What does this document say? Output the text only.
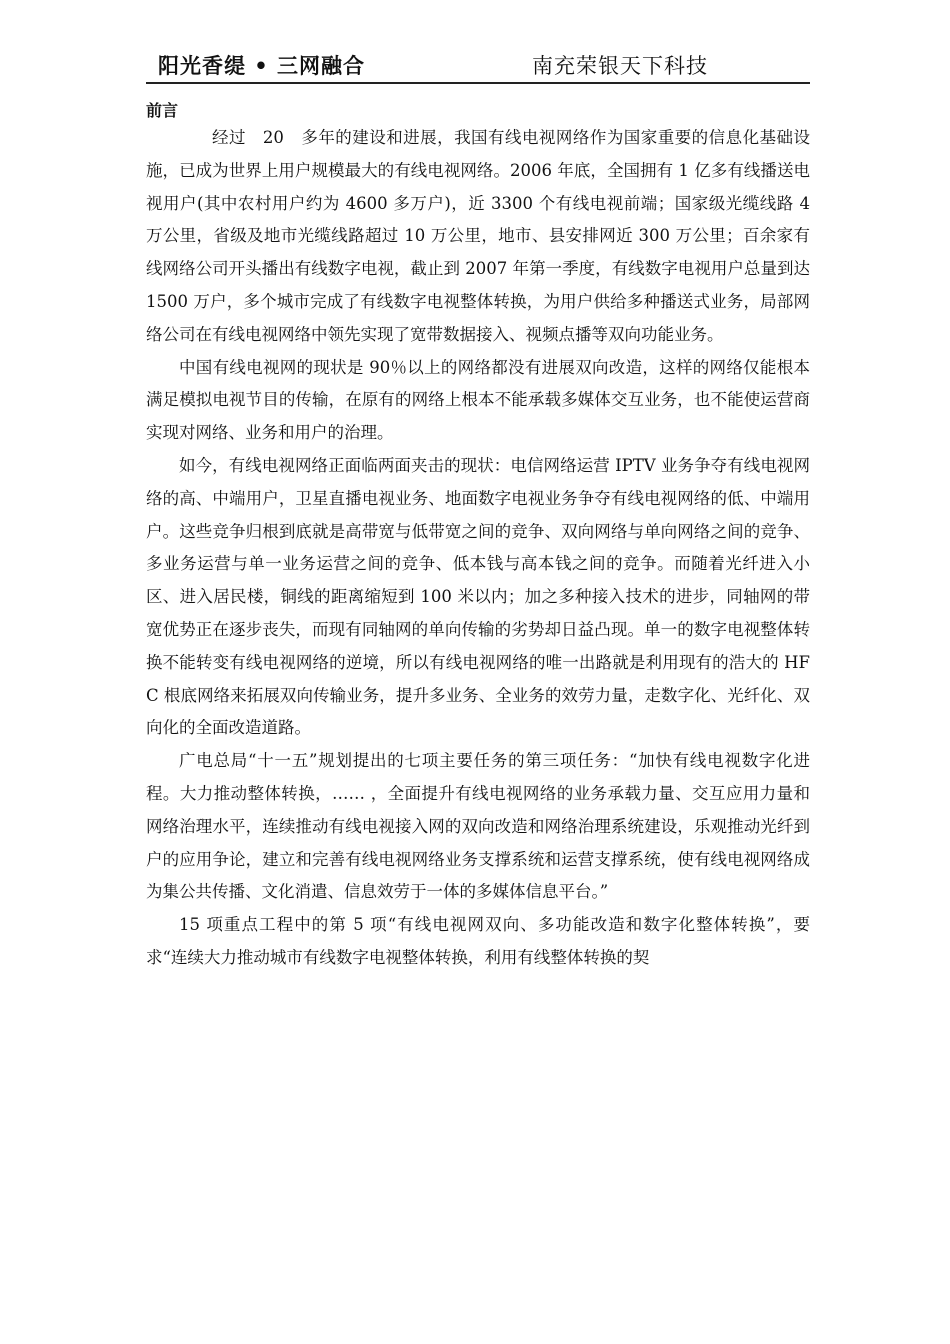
阳光香缇 • 三网融合	南充荣银天下科技
前言

经过　20　多年的建设和进展，我国有线电视网络作为国家重要的信息化基础设施，已成为世界上用户规模最大的有线电视网络。2006 年底，全国拥有 1 亿多有线播送电视用户(其中农村用户约为 4600 多万户)，近 3300 个有线电视前端；国家级光缆线路 4 万公里，省级及地市光缆线路超过 10 万公里，地市、县安排网近 300 万公里；百余家有线网络公司开头播出有线数字电视，截止到 2007 年第一季度，有线数字电视用户总量到达 1500 万户，多个城市完成了有线数字电视整体转换，为用户供给多种播送式业务，局部网络公司在有线电视网络中领先实现了宽带数据接入、视频点播等双向功能业务。

中国有线电视网的现状是 90％以上的网络都没有进展双向改造，这样的网络仅能根本满足模拟电视节目的传输，在原有的网络上根本不能承载多媒体交互业务，也不能使运营商实现对网络、业务和用户的治理。

如今，有线电视网络正面临两面夹击的现状：电信网络运营 IPTV 业务争夺有线电视网络的高、中端用户，卫星直播电视业务、地面数字电视业务争夺有线电视网络的低、中端用户。这些竞争归根到底就是高带宽与低带宽之间的竞争、双向网络与单向网络之间的竞争、多业务运营与单一业务运营之间的竞争、低本钱与高本钱之间的竞争。而随着光纤进入小区、进入居民楼，铜线的距离缩短到 100 米以内；加之多种接入技术的进步，同轴网的带宽优势正在逐步丧失，而现有同轴网的单向传输的劣势却日益凸现。单一的数字电视整体转换不能转变有线电视网络的逆境，所以有线电视网络的唯一出路就是利用现有的浩大的 HFC 根底网络来拓展双向传输业务，提升多业务、全业务的效劳力量，走数字化、光纤化、双向化的全面改造道路。

广电总局“十一五”规划提出的七项主要任务的第三项任务：“加快有线电视数字化进程。大力推动整体转换，…… ，全面提升有线电视网络的业务承载力量、交互应用力量和网络治理水平，连续推动有线电视接入网的双向改造和网络治理系统建设，乐观推动光纤到户的应用争论，建立和完善有线电视网络业务支撑系统和运营支撑系统，使有线电视网络成为集公共传播、文化消遣、信息效劳于一体的多媒体信息平台。”

15 项重点工程中的第 5 项“有线电视网双向、多功能改造和数字化整体转换”，要求“连续大力推动城市有线数字电视整体转换，利用有线整体转换的契
